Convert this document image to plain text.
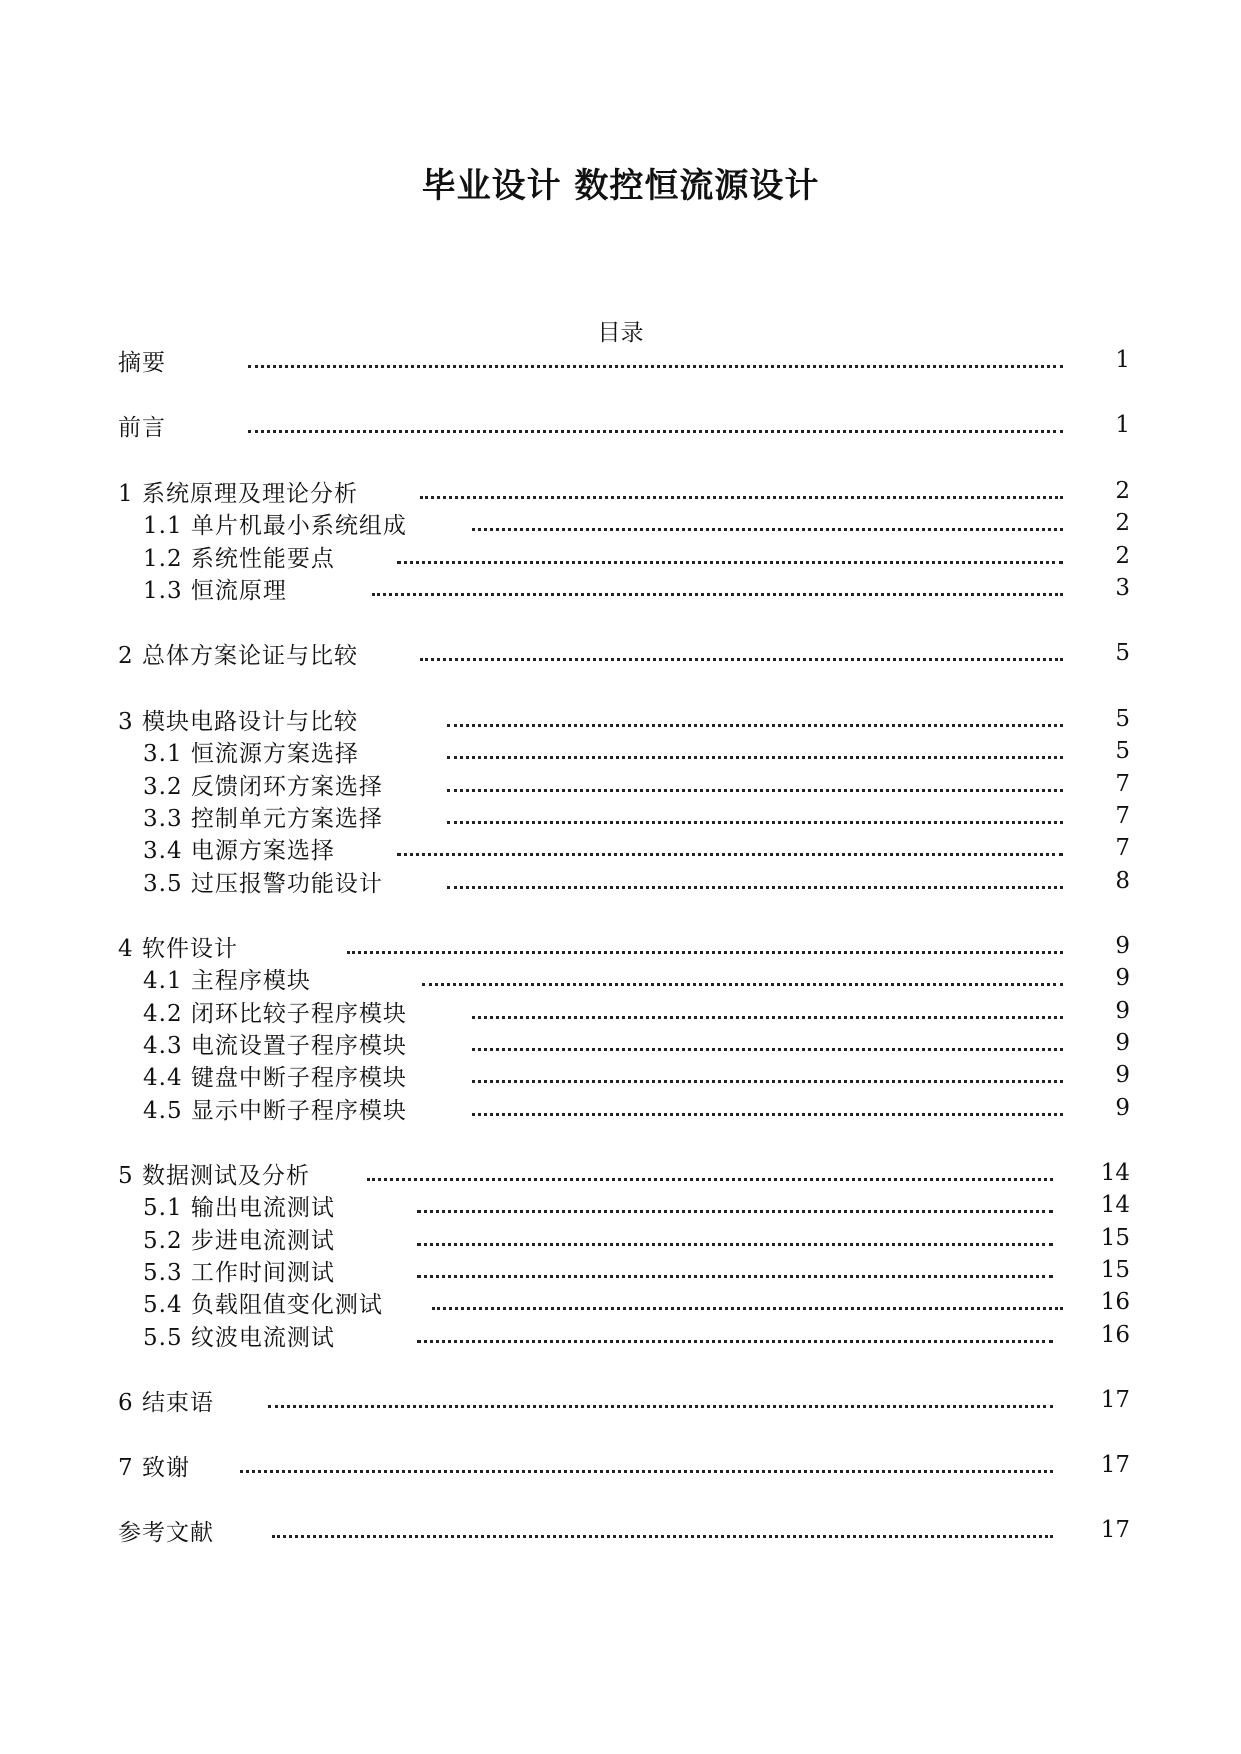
毕业设计 数控恒流源设计
目录
摘要	1
前言	1
1 系统原理及理论分析	2
1.1 单片机最小系统组成	2
1.2 系统性能要点	2
1.3 恒流原理	3
2 总体方案论证与比较	5
3 模块电路设计与比较	5
3.1 恒流源方案选择	5
3.2 反馈闭环方案选择	7
3.3 控制单元方案选择	7
3.4 电源方案选择	7
3.5 过压报警功能设计	8
4 软件设计	9
4.1 主程序模块	9
4.2 闭环比较子程序模块	9
4.3 电流设置子程序模块	9
4.4 键盘中断子程序模块	9
4.5 显示中断子程序模块	9
5 数据测试及分析	14
5.1 输出电流测试	14
5.2 步进电流测试	15
5.3 工作时间测试	15
5.4 负载阻值变化测试	16
5.5 纹波电流测试	16
6 结束语	17
7 致谢	17
参考文献	17
